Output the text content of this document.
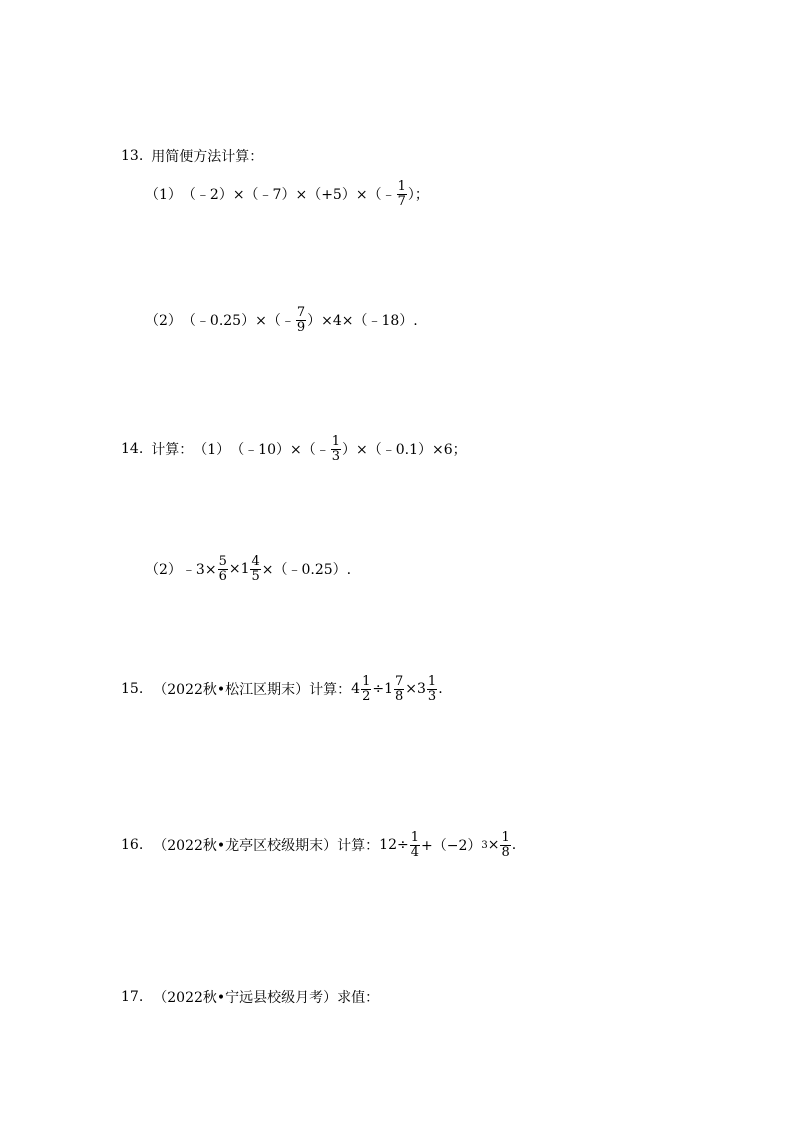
13. 用简便方法计算：
（1） （﹣2）×（﹣7）×（+5）×（﹣ $\frac{1}{7}$ ）；
（2） （﹣0.25）×（﹣ $\frac{7}{9}$ ）×4×（﹣18）.
14. 计算： （1） （﹣10）×（﹣ $\frac{1}{3}$ ）×（﹣0.1）×6；
（2） ﹣3× $\frac{5}{6} \times 1 \frac{4}{5}$ ×（﹣0.25）.
15. （2022秋•松江区期末）计算： $4 \frac{1}{2} \div 1 \frac{7}{8} \times 3 \frac{1}{3}$ .
16. （2022秋•龙亭区校级期末）计算： $12\div \frac{1}{4} +(-2) 3 \times \frac{1}{8}$ .
17. （2022秋•宁远县校级月考）求值：
